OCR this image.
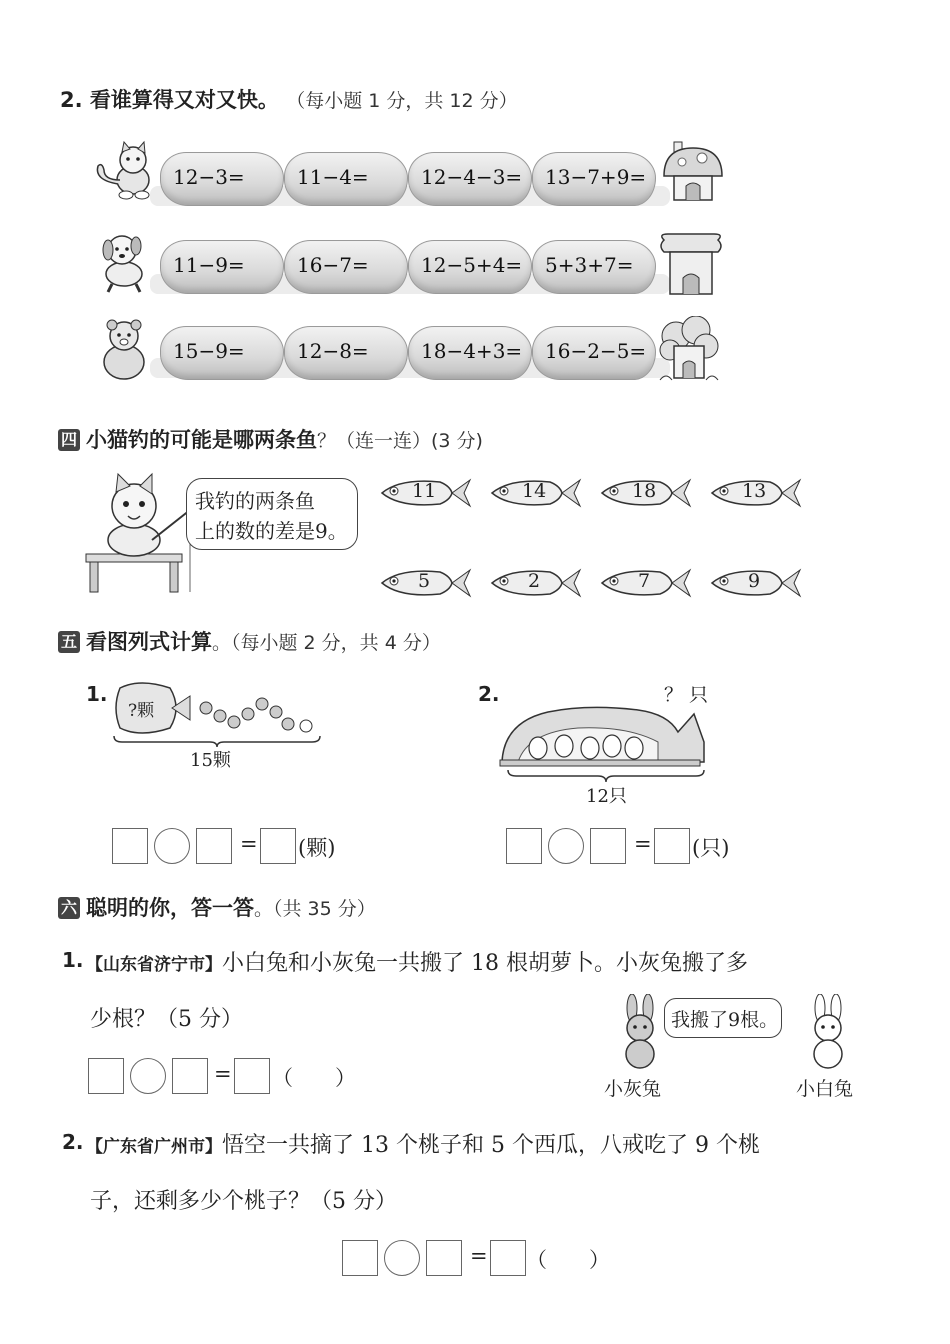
2. 看谁算得又对又快。 （每小题 1 分，共 12 分）
12−3=	11−4=	12−4−3= 13−7+9=
11−9=	16−7=	12−5+4= 5+3+7=
15−9=	12−8=	18−4+3= 16−2−5=
四 小猫钓的可能是哪两条鱼？（连一连）(3 分)
我钓的两条鱼
上的数的差是9。
11	14	18	13
5	2	7	9
五 看图列式计算。（每小题 2 分，共 4 分）
1.
?颗
15颗
= (颗)
2.	？ 只
12只
= (只)
六 聪明的你，答一答。（共 35 分）
1. 【山东省济宁市】小白兔和小灰兔一共搬了 18 根胡萝卜。小灰兔搬了多
少根？（5 分）
= （　　）
我搬了9根。
小灰兔	小白兔
2. 【广东省广州市】悟空一共摘了 13 个桃子和 5 个西瓜，八戒吃了 9 个桃
子，还剩多少个桃子？（5 分）
= （　　）
